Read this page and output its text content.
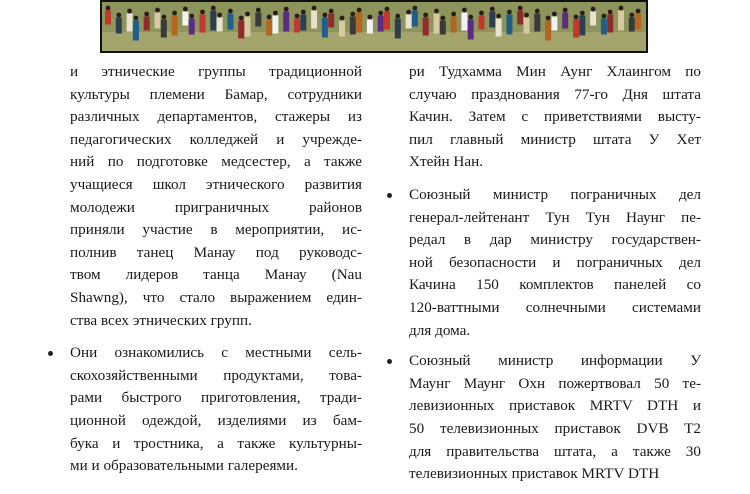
и этнические группы традиционной
культуры племени Бамар, сотрудники
различных департаментов, стажеры из
педагогических колледжей и учрежде-
ний по подготовке медсестер, а также
учащиеся школ этнического развития
молодежи приграничных районов
приняли участие в мероприятии, ис-
полнив танец Манау под руководс-
твом лидеров танца Манау (Nau
Shawng), что стало выражением един-
ства всех этнических групп.

Они ознакомились с местными сель-
скохозяйственными продуктами, това-
рами быстрого приготовления, тради-
ционной одеждой, изделиями из бам-
бука и тростника, а также культурны-
ми и образовательными галереями.

ри Тудхамма Мин Аунг Хлаингом по
случаю празднования 77-го Дня штата
Качин. Затем с приветствиями высту-
пил главный министр штата У Хет
Хтейн Нан.

Союзный министр пограничных дел
генерал-лейтенант Тун Тун Наунг пе-
редал в дар министру государствен-
ной безопасности и пограничных дел
Качина 150 комплектов панелей со
120-ваттными солнечными системами
для дома.
Союзный министр информации У
Маунг Маунг Охн пожертвовал 50 те-
левизионных приставок MRTV DTH и
50 телевизионных приставок DVB T2
для правительства штата, а также 30
телевизионных приставок MRTV DTH
